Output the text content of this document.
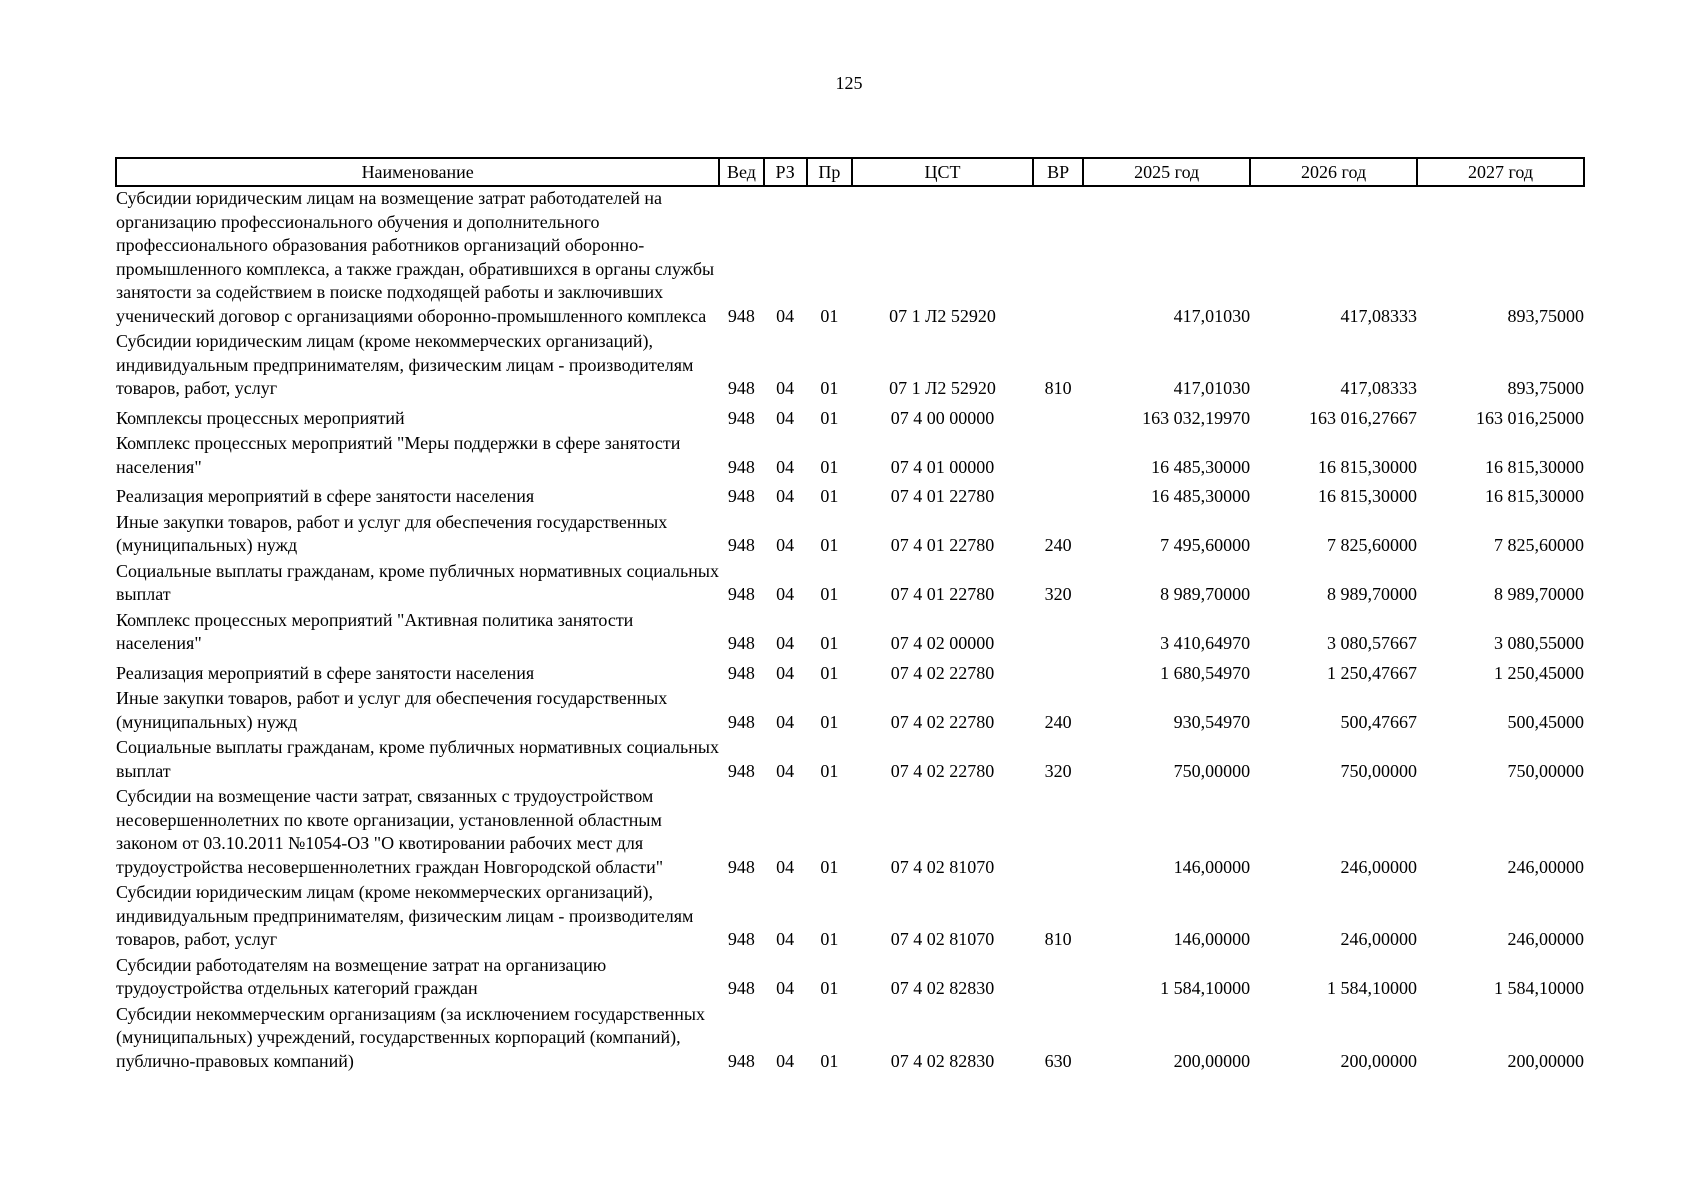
125
Наименование	Вед	РЗ	Пр	ЦСТ	ВР	2025 год	2026 год	2027 год
Субсидии юридическим лицам на возмещение затрат работодателей на организацию профессионального обучения и дополнительного профессионального образования работников организаций оборонно-промышленного комплекса, а также граждан, обратившихся в органы службы занятости за содействием в поиске подходящей работы и заключивших ученический договор с организациями оборонно-промышленного комплекса	948	04	01	07 1 Л2 52920		417,01030	417,08333	893,75000
Субсидии юридическим лицам (кроме некоммерческих организаций), индивидуальным предпринимателям, физическим лицам - производителям товаров, работ, услуг	948	04	01	07 1 Л2 52920	810	417,01030	417,08333	893,75000
Комплексы процессных мероприятий	948	04	01	07 4 00 00000		163 032,19970	163 016,27667	163 016,25000
Комплекс процессных мероприятий "Меры поддержки в сфере занятости населения"	948	04	01	07 4 01 00000		16 485,30000	16 815,30000	16 815,30000
Реализация мероприятий в сфере занятости населения	948	04	01	07 4 01 22780		16 485,30000	16 815,30000	16 815,30000
Иные закупки товаров, работ и услуг для обеспечения государственных (муниципальных) нужд	948	04	01	07 4 01 22780	240	7 495,60000	7 825,60000	7 825,60000
Социальные выплаты гражданам, кроме публичных нормативных социальных выплат	948	04	01	07 4 01 22780	320	8 989,70000	8 989,70000	8 989,70000
Комплекс процессных мероприятий "Активная политика занятости населения"	948	04	01	07 4 02 00000		3 410,64970	3 080,57667	3 080,55000
Реализация мероприятий в сфере занятости населения	948	04	01	07 4 02 22780		1 680,54970	1 250,47667	1 250,45000
Иные закупки товаров, работ и услуг для обеспечения государственных (муниципальных) нужд	948	04	01	07 4 02 22780	240	930,54970	500,47667	500,45000
Социальные выплаты гражданам, кроме публичных нормативных социальных выплат	948	04	01	07 4 02 22780	320	750,00000	750,00000	750,00000
Субсидии на возмещение части затрат, связанных с трудоустройством несовершеннолетних по квоте организации, установленной областным законом от 03.10.2011 №1054-ОЗ "О квотировании рабочих мест для трудоустройства несовершеннолетних граждан Новгородской области"	948	04	01	07 4 02 81070		146,00000	246,00000	246,00000
Субсидии юридическим лицам (кроме некоммерческих организаций), индивидуальным предпринимателям, физическим лицам - производителям товаров, работ, услуг	948	04	01	07 4 02 81070	810	146,00000	246,00000	246,00000
Субсидии работодателям на возмещение затрат на организацию трудоустройства отдельных категорий граждан	948	04	01	07 4 02 82830		1 584,10000	1 584,10000	1 584,10000
Субсидии некоммерческим организациям (за исключением государственных (муниципальных) учреждений, государственных корпораций (компаний), публично-правовых компаний)	948	04	01	07 4 02 82830	630	200,00000	200,00000	200,00000
